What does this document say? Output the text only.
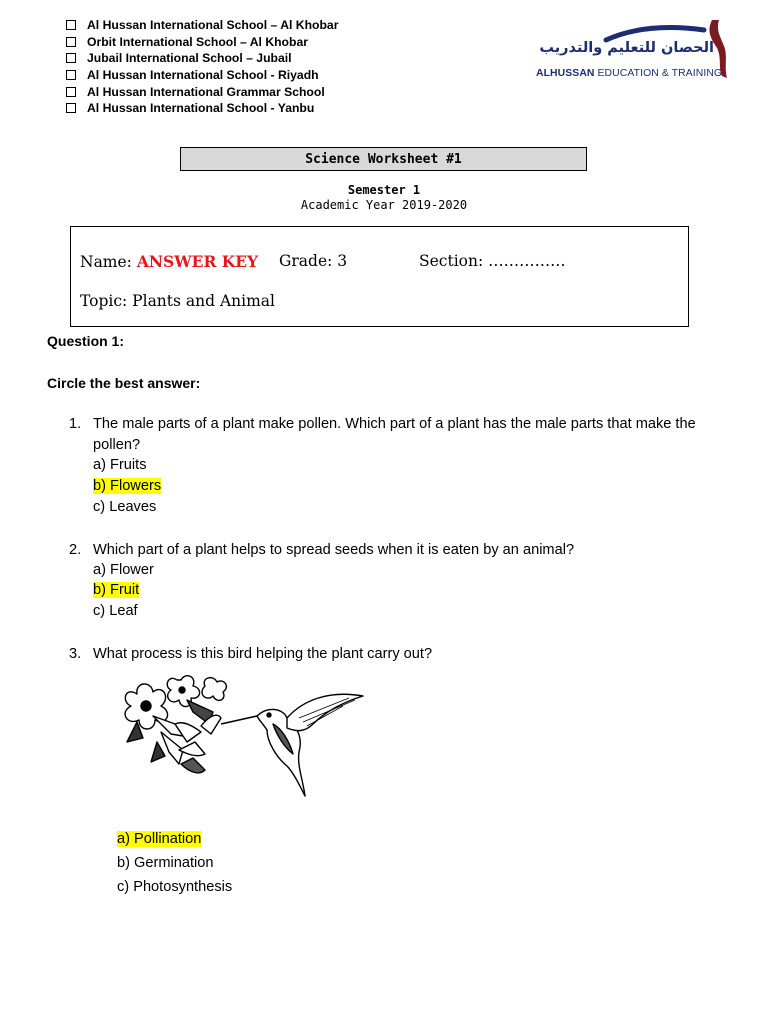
Al Hussan International School – Al Khobar
Orbit International School – Al Khobar
Jubail International School – Jubail
Al Hussan International School - Riyadh
Al Hussan International Grammar School
Al Hussan International School - Yanbu
الحصان للتعليم والتدريب
ALHUSSAN EDUCATION & TRAINING
Science Worksheet #1
Semester 1
Academic Year 2019-2020
Name: ANSWER KEY Grade: 3	Section: ……………
Topic: Plants and Animal
Question 1:
Circle the best answer:
1. The male parts of a plant make pollen. Which part of a plant has the male parts that make the pollen?
a) Fruits
b) Flowers
c) Leaves
2. Which part of a plant helps to spread seeds when it is eaten by an animal?
a) Flower
b) Fruit
c) Leaf
3. What process is this bird helping the plant carry out?
a) Pollination
b) Germination
c) Photosynthesis
